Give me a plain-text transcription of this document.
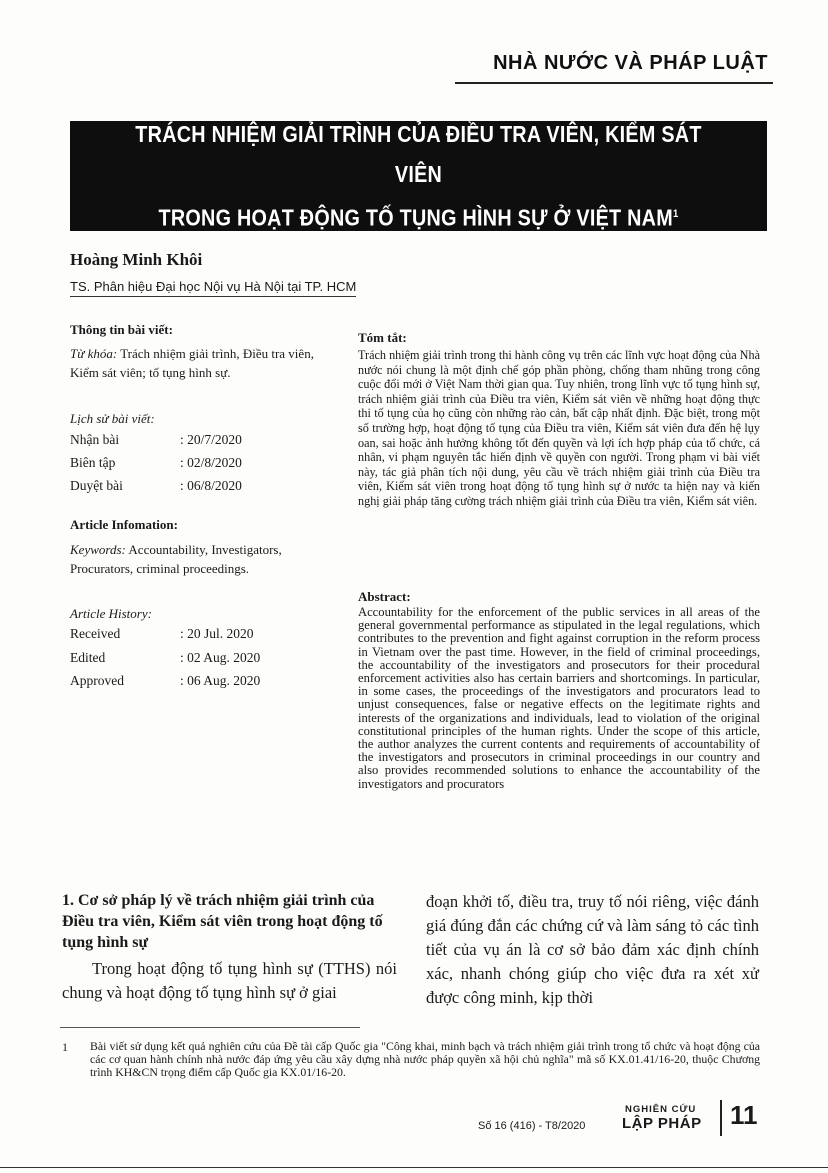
NHÀ NƯỚC VÀ PHÁP LUẬT
TRÁCH NHIỆM GIẢI TRÌNH CỦA ĐIỀU TRA VIÊN, KIỂM SÁT VIÊN
TRONG HOẠT ĐỘNG TỐ TỤNG HÌNH SỰ Ở VIỆT NAM$^1$
Hoàng Minh Khôi
TS. Phân hiệu Đại học Nội vụ Hà Nội tại TP. HCM
Thông tin bài viết:
Từ khóa: Trách nhiệm giải trình, Điều tra viên, Kiểm sát viên; tố tụng hình sự.
Lịch sử bài viết:
Nhận bài	: 20/7/2020
Biên tập	: 02/8/2020
Duyệt bài	: 06/8/2020
Article Infomation:
Keywords: Accountability, Investigators, Procurators, criminal proceedings.
Article History:
Received	: 20 Jul. 2020
Edited	: 02 Aug. 2020
Approved	: 06 Aug. 2020
Tóm tắt:
Trách nhiệm giải trình trong thi hành công vụ trên các lĩnh vực hoạt động của Nhà nước nói chung là một định chế góp phần phòng, chống tham nhũng trong công cuộc đổi mới ở Việt Nam thời gian qua. Tuy nhiên, trong lĩnh vực tố tụng hình sự, trách nhiệm giải trình của Điều tra viên, Kiểm sát viên về những hoạt động thực thi tố tụng của họ cũng còn những rào cản, bất cập nhất định. Đặc biệt, trong một số trường hợp, hoạt động tố tụng của Điều tra viên, Kiểm sát viên đưa đến hệ lụy oan, sai hoặc ảnh hưởng không tốt đến quyền và lợi ích hợp pháp của tổ chức, cá nhân, vi phạm nguyên tắc hiến định về quyền con người. Trong phạm vi bài viết này, tác giả phân tích nội dung, yêu cầu về trách nhiệm giải trình của Điều tra viên, Kiểm sát viên trong hoạt động tố tụng hình sự ở nước ta hiện nay và kiến nghị giải pháp tăng cường trách nhiệm giải trình của Điều tra viên, Kiểm sát viên.
Abstract:
Accountability for the enforcement of the public services in all areas of the general governmental performance as stipulated in the legal regulations, which contributes to the prevention and fight against corruption in the reform process in Vietnam over the past time. However, in the field of criminal proceedings, the accountability of the investigators and prosecutors for their procedural enforcement activities also has certain barriers and shortcomings. In particular, in some cases, the proceedings of the investigators and procurators lead to unjust consequences, false or negative effects on the legitimate rights and interests of the organizations and individuals, lead to violation of the original constitutional principles of the human rights. Under the scope of this article, the author analyzes the current contents and requirements of accountability of the investigators and prosecutors in criminal proceedings in our country and also provides recommended solutions to enhance the accountability of the investigators and procurators
1. Cơ sở pháp lý về trách nhiệm giải trình của Điều tra viên, Kiểm sát viên trong hoạt động tố tụng hình sự
Trong hoạt động tố tụng hình sự (TTHS) nói chung và hoạt động tố tụng hình sự ở giai
đoạn khởi tố, điều tra, truy tố nói riêng, việc đánh giá đúng đắn các chứng cứ và làm sáng tỏ các tình tiết của vụ án là cơ sở bảo đảm xác định chính xác, nhanh chóng giúp cho việc đưa ra xét xử được công minh, kịp thời
1 Bài viết sử dụng kết quả nghiên cứu của Đề tài cấp Quốc gia "Công khai, minh bạch và trách nhiệm giải trình trong tổ chức và hoạt động của các cơ quan hành chính nhà nước đáp ứng yêu cầu xây dựng nhà nước pháp quyền xã hội chủ nghĩa" mã số KX.01.41/16-20, thuộc Chương trình KH&CN trọng điểm cấp Quốc gia KX.01/16-20.
Số 16 (416) - T8/2020
NGHIÊN CỨU
LẬP PHÁP 11
